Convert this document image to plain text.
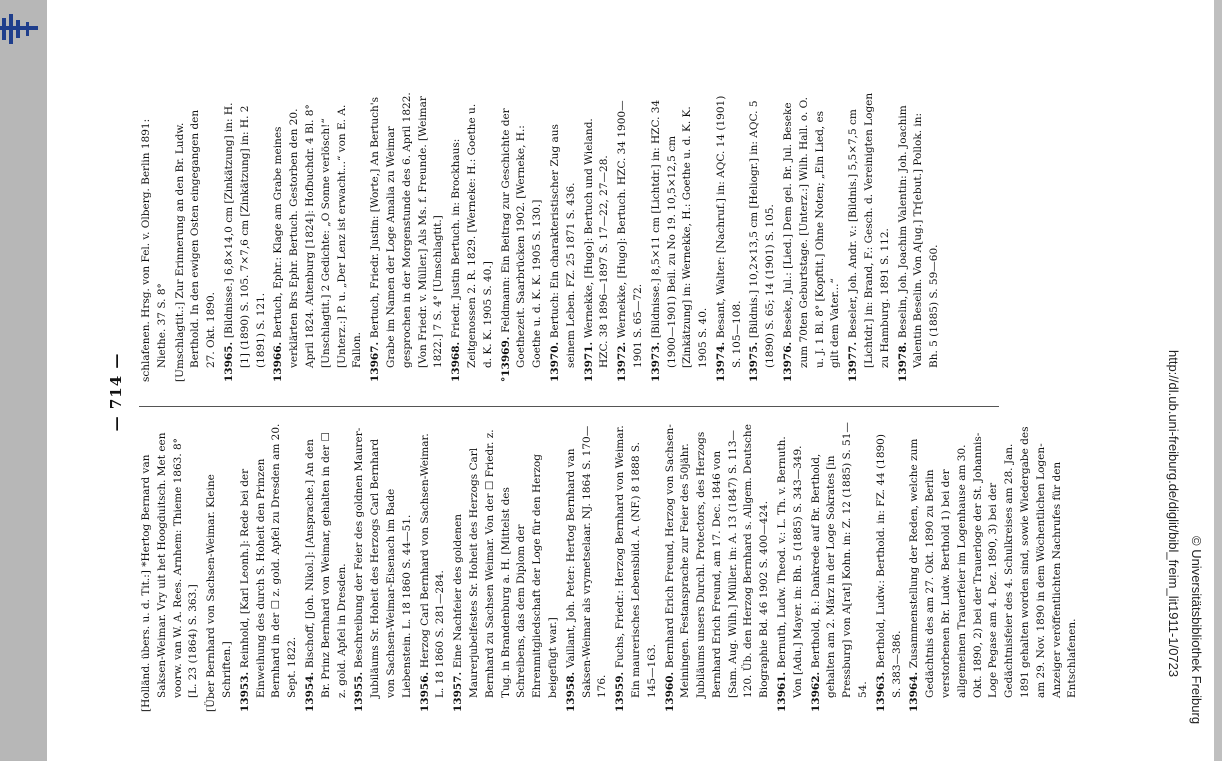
— 714 —
[Holländ. übers. u. d. Tit.:] *Hertog Bernard van Saksen-Weimar. Vry uit het Hoogduitsch. Met een voorw. van W. A. Rees. Arnhem: Thieme 1863. 8° [L. 23 (1864) S. 363.] [Über Bernhard von Sachsen-Weimar. Kleine Schriften.] 13953. Reinhold, [Karl Leonh.]: Rede bei der Einweihung des durch S. Hoheit den Prinzen Bernhard in der ☐ z. gold. Apfel zu Dresden am 20. Sept. 1822. 13954. Bischoff, [Joh. Nikol.]: [Ansprache.] An den Br. Prinz Bernhard von Weimar, gehalten in der ☐ z. gold. Apfel in Dresden. 13955. Beschreibung der Feier des goldnen Maurer-Jubiläums Sr. Hoheit des Herzogs Carl Bernhard von Sachsen-Weimar-Eisenach im Bade Liebenstein. L. 18 1860 S. 44—51. 13956. Herzog Carl Bernhard von Sachsen-Weimar. L. 18 1860 S. 281—284. 13957. Eine Nachfeier des goldenen Maurerjubelfestes Sr. Hoheit des Herzogs Carl Bernhard zu Sachsen Weimar. Von der ☐ Friedr. z. Tug. in Brandenburg a. H. [Mittelst des Schreibens, das dem Diplom der Ehrenmitgliedschaft der Loge für den Herzog beigefügt war.] 13958. Vaillant, Joh. Peter: Hertog Bernhard van Saksen-Weimar als vrymetselaar. NJ. 1864 S. 170—176. 13959. Fuchs, Friedr.: Herzog Bernhard von Weimar. Ein maurerisches Lebensbild. A. (NF.) 8 1888 S. 145—163. 13960. Bernhard Erich Freund, Herzog von Sachsen-Meiningen. Festansprache zur Feier des 50jähr. Jubiläums unsers Durchl. Protectors, des Herzogs Bernhard Erich Freund, am 17. Dec. 1846 von [Sam. Aug. Wilh.] Müller. in: A. 13 (1847) S. 113—120. Üb. den Herzog Bernhard s. Allgem. Deutsche Biographie Bd. 46 1902 S. 400—424. 13961. Bernuth, Ludw. Theod. v.: L. Th. v. Bernuth. Von [Adu.] Mayer. in: Bh. 5 (1885) S. 343—349. 13962. Berthold, B.: Dankrede auf Br. Berthold, gehalten am 2. März in der Loge Sokrates [in Pressburg] von A[rat] Kohn. in: Z. 12 (1885) S. 51—54. 13963. Berthold, Ludw.: Berthold. in: FZ. 44 (1890) S. 383—386. 13964. Zusammenstellung der Reden, welche zum Gedächtnis des am 27. Okt. 1890 zu Berlin verstorbenen Br. Ludw. Berthold 1) bei der allgemeinen Trauerfeier im Logenhause am 30. Okt. 1890, 2) bei der Trauerloge der St. Johannis-Loge Pegase am 4. Dez. 1890, 3) bei der Gedächtnisfeier des 4. Schulkreises am 28. Jan. 1891 gehalten worden sind, sowie Wiedergabe des am 29. Nov. 1890 in dem Wöchentlichen Logen-Anzeiger veröffentlichten Nachrufes für den Entschlafenen.
schlafenen. Hrsg. von Fel. v. Olberg. Berlin 1891: Niethe. 37 S. 8° [Umschlagtit.:] Zur Erinnerung an den Br. Ludw. Berthold. In den ewigen Osten eingegangen den 27. Okt. 1890. 13965. [Bildnisse.] 6,8×14,0 cm [Zinkätzung] in: H. [1] (1890) S. 105. 7×7,6 cm [Zinkätzung] in: H. 2 (1891) S. 121. 13966. Bertuch, Ephr.: Klage am Grabe meines verklärten Brs Ephr. Bertuch. Gestorben den 20. April 1824. Altenburg [1824]: Hofbuchdr. 4 Bl. 8° [Unschlagtit.] 2 Gedichte: „O Sonne verlösch!“ [Unterz.:] P. u. „Der Lenz ist erwacht...“ von E. A. Fallon. 13967. Bertuch, Friedr. Justin: [Worte,] An Bertuch's Grabe im Namen der Loge Amalia zu Weimar gesprochen in der Morgenstunde des 6. April 1822. [Von Friedr. v. Müller.] Als Ms. f. Freunde. [Weimar 1822.] 7 S. 4° [Umschlagtit.] 13968. Friedr. Justin Bertuch. in: Brockhaus: Zeitgenossen 2. R. 1829. [Werneke: H.: Goethe u. d. K. K. 1905 S. 40.] °13969. Feldmann: Ein Beitrag zur Geschichte der Goethezeit. Saarbrücken 1902. [Werneke, H.: Goethe u. d. K. K. 1905 S. 130.] 13970. Bertuch: Ein charakteristischer Zug aus seinem Leben. FZ. 25 1871 S. 436. 13971. Wernekke, [Hugo]: Bertuch und Wieland. HZC. 38 1896—1897 S. 17—22, 27—28. 13972. Wernekke, [Hugo]: Bertuch. HZC. 34 1900—1901 S. 65—72. 13973. [Bildnisse.] 8,5×11 cm [Lichtdr.] in: HZC. 34 (1900—1901) Beil. zu No 19. 10,5×12,5 cm [Zinkätzung] in: Wernekke, H.: Goethe u. d. K. K. 1905 S. 40. 13974. Besant, Walter: [Nachruf.] in: AQC. 14 (1901) S. 105—108. 13975. [Bildnis.] 10,2×13,5 cm [Heliogr.] in: AQC. 5 (1890) S. 65; 14 (1901) S. 105. 13976. Beseke, Jul.: [Lied.] Dem gel. Br. Jul. Beseke zum 70ten Geburtstage. [Unterz.:] Wilh. Hall. o. O. u. J. 1 Bl. 8° [Kopftit.] Ohne Noten; „Ein Lied, es gilt dem Vater...“ 13977. Beseler, Joh. Andr. v.: [Bildnis.] 5,5×7,5 cm [Lichtdr.] in: Brand, F.: Gesch. d. Vereinigten Logen zu Hamburg. 1891 S. 112. 13978. Beselin, Joh. Joachim Valentin: Joh. Joachim Valentin Beselin. Von A[ug.] Tr[ebut.] Pollok. in: Bh. 5 (1885) S. 59—60.
http://dl.ub.uni-freiburg.de/diglit/bibl_freim_lit1911-1/0723 © Universitätsbibliothek Freiburg
